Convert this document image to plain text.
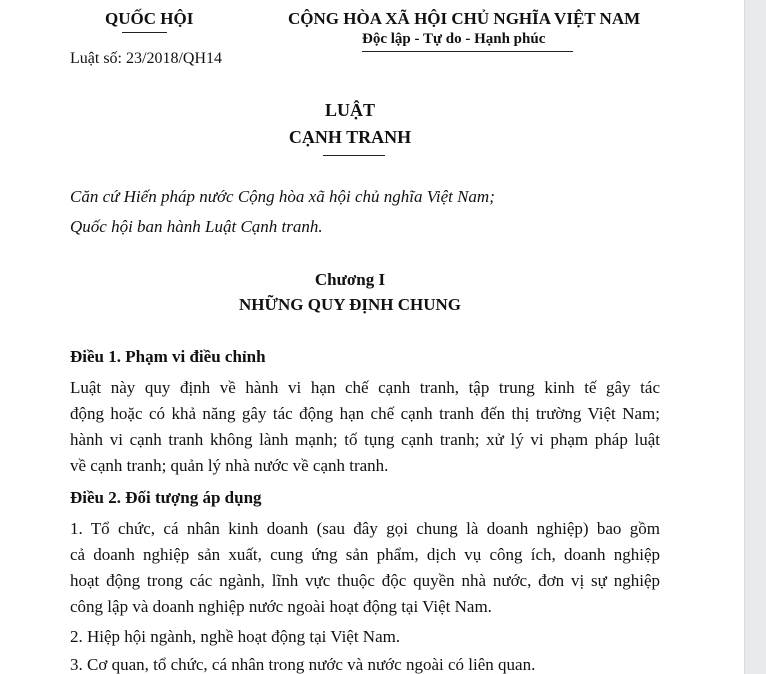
QUỐC HỘI	CỘNG HÒA XÃ HỘI CHỦ NGHĨA VIỆT NAM
Độc lập - Tự do - Hạnh phúc
Luật số: 23/2018/QH14
LUẬT
CẠNH TRANH
Căn cứ Hiến pháp nước Cộng hòa xã hội chủ nghĩa Việt Nam;
Quốc hội ban hành Luật Cạnh tranh.
Chương I
NHỮNG QUY ĐỊNH CHUNG
Điều 1. Phạm vi điều chỉnh
Luật này quy định về hành vi hạn chế cạnh tranh, tập trung kinh tế gây tác
động hoặc có khả năng gây tác động hạn chế cạnh tranh đến thị trường Việt Nam;
hành vi cạnh tranh không lành mạnh; tố tụng cạnh tranh; xử lý vi phạm pháp luật
về cạnh tranh; quản lý nhà nước về cạnh tranh.
Điều 2. Đối tượng áp dụng
1. Tổ chức, cá nhân kinh doanh (sau đây gọi chung là doanh nghiệp) bao gồm
cả doanh nghiệp sản xuất, cung ứng sản phẩm, dịch vụ công ích, doanh nghiệp
hoạt động trong các ngành, lĩnh vực thuộc độc quyền nhà nước, đơn vị sự nghiệp
công lập và doanh nghiệp nước ngoài hoạt động tại Việt Nam.
2. Hiệp hội ngành, nghề hoạt động tại Việt Nam.
3. Cơ quan, tổ chức, cá nhân trong nước và nước ngoài có liên quan.
